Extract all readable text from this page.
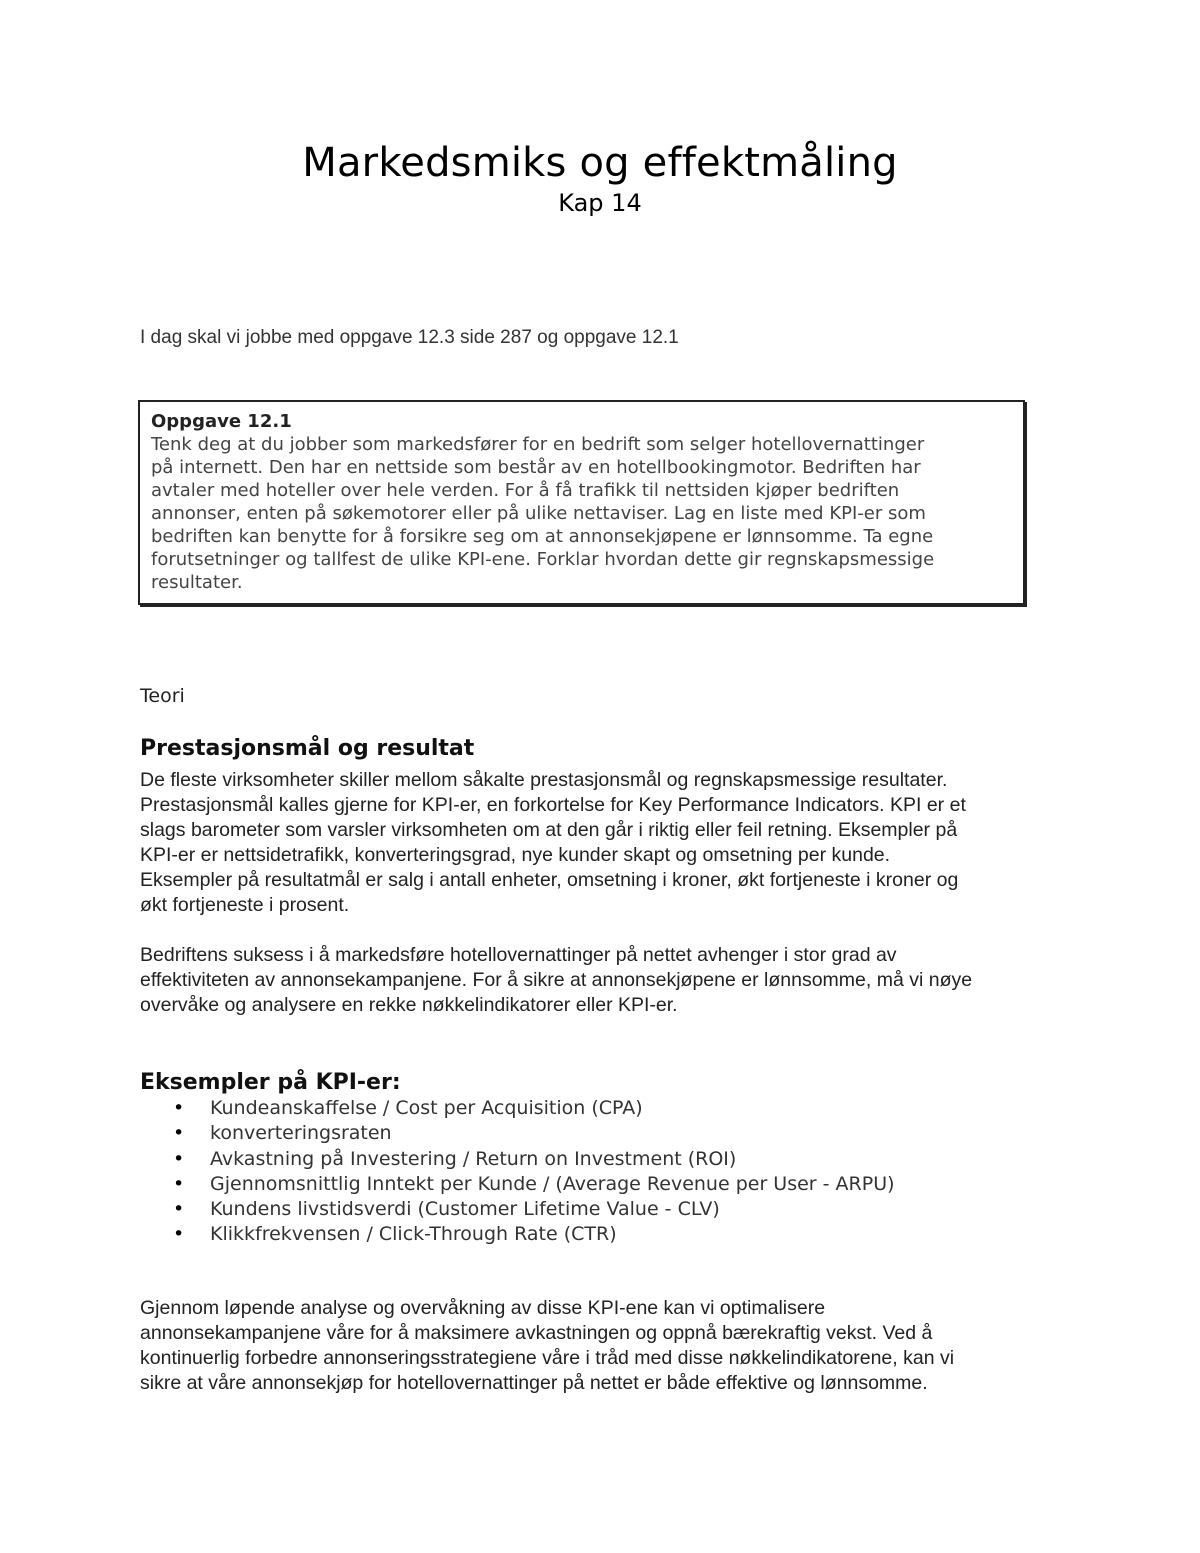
Markedsmiks og effektmåling
Kap 14
I dag skal vi jobbe med oppgave 12.3 side 287 og oppgave 12.1
Oppgave 12.1
Tenk deg at du jobber som markedsfører for en bedrift som selger hotellovernattinger
på internett. Den har en nettside som består av en hotellbookingmotor. Bedriften har
avtaler med hoteller over hele verden. For å få trafikk til nettsiden kjøper bedriften
annonser, enten på søkemotorer eller på ulike nettaviser. Lag en liste med KPI-er som
bedriften kan benytte for å forsikre seg om at annonsekjøpene er lønnsomme. Ta egne
forutsetninger og tallfest de ulike KPI-ene. Forklar hvordan dette gir regnskapsmessige
resultater.
Teori
Prestasjonsmål og resultat
De fleste virksomheter skiller mellom såkalte prestasjonsmål og regnskapsmessige resultater.
Prestasjonsmål kalles gjerne for KPI-er, en forkortelse for Key Performance Indicators. KPI er et
slags barometer som varsler virksomheten om at den går i riktig eller feil retning. Eksempler på
KPI-er er nettsidetrafikk, konverteringsgrad, nye kunder skapt og omsetning per kunde.
Eksempler på resultatmål er salg i antall enheter, omsetning i kroner, økt fortjeneste i kroner og
økt fortjeneste i prosent.
Bedriftens suksess i å markedsføre hotellovernattinger på nettet avhenger i stor grad av
effektiviteten av annonsekampanjene. For å sikre at annonsekjøpene er lønnsomme, må vi nøye
overvåke og analysere en rekke nøkkelindikatorer eller KPI-er.
Eksempler på KPI-er:
• Kundeanskaffelse / Cost per Acquisition (CPA)
• konverteringsraten
• Avkastning på Investering / Return on Investment (ROI)
• Gjennomsnittlig Inntekt per Kunde / (Average Revenue per User - ARPU)
• Kundens livstidsverdi (Customer Lifetime Value - CLV)
• Klikkfrekvensen / Click-Through Rate (CTR)
Gjennom løpende analyse og overvåkning av disse KPI-ene kan vi optimalisere
annonsekampanjene våre for å maksimere avkastningen og oppnå bærekraftig vekst. Ved å
kontinuerlig forbedre annonseringsstrategiene våre i tråd med disse nøkkelindikatorene, kan vi
sikre at våre annonsekjøp for hotellovernattinger på nettet er både effektive og lønnsomme.
